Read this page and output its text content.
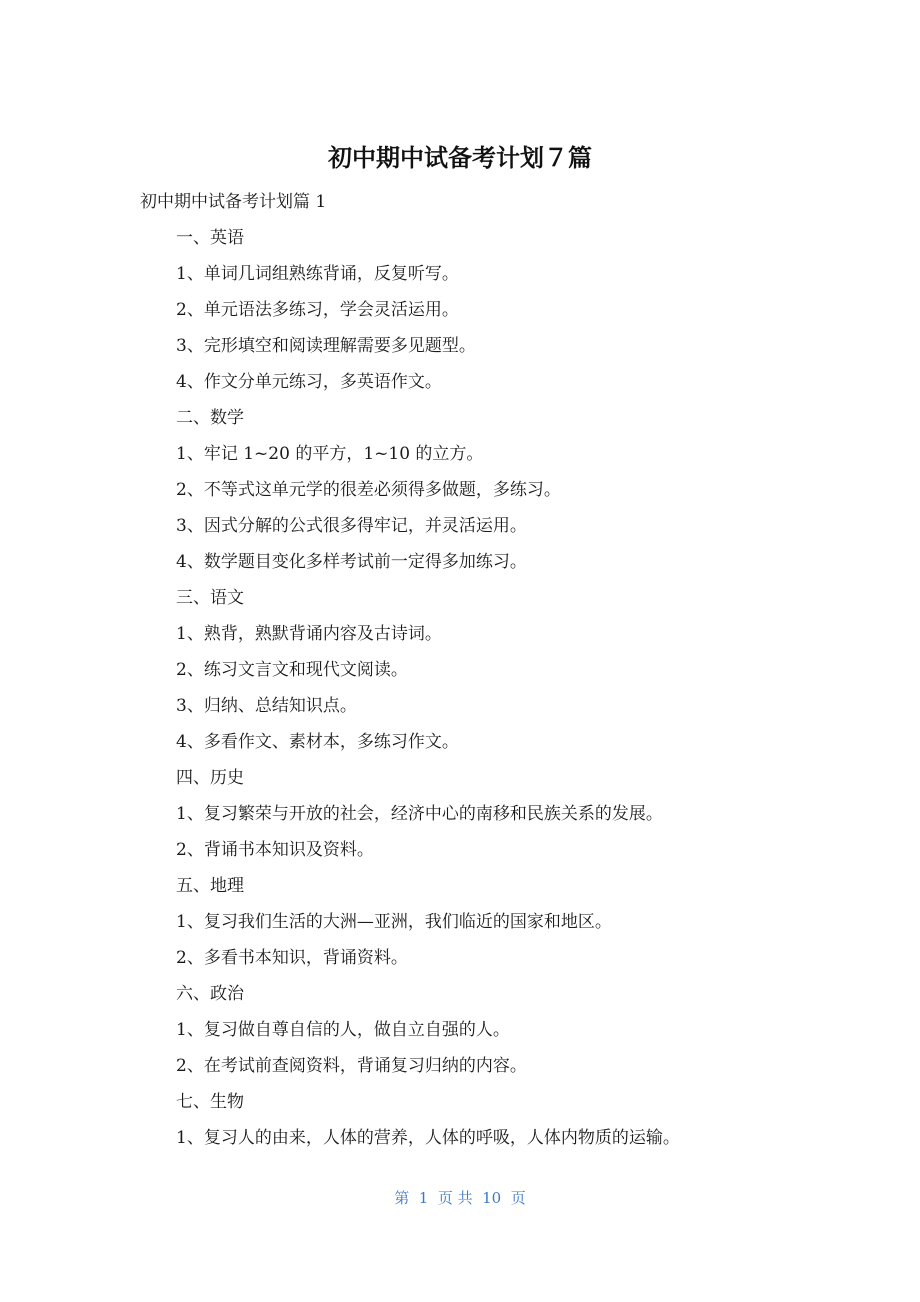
初中期中试备考计划７篇
初中期中试备考计划篇 1
一、英语
1、单词几词组熟练背诵，反复听写。
2、单元语法多练习，学会灵活运用。
3、完形填空和阅读理解需要多见题型。
4、作文分单元练习，多英语作文。
二、数学
1、牢记 1~20 的平方，1~10 的立方。
2、不等式这单元学的很差必须得多做题，多练习。
3、因式分解的公式很多得牢记，并灵活运用。
4、数学题目变化多样考试前一定得多加练习。
三、语文
1、熟背，熟默背诵内容及古诗词。
2、练习文言文和现代文阅读。
3、归纳、总结知识点。
4、多看作文、素材本，多练习作文。
四、历史
1、复习繁荣与开放的社会，经济中心的南移和民族关系的发展。
2、背诵书本知识及资料。
五、地理
1、复习我们生活的大洲—亚洲，我们临近的国家和地区。
2、多看书本知识，背诵资料。
六、政治
1、复习做自尊自信的人，做自立自强的人。
2、在考试前查阅资料，背诵复习归纳的内容。
七、生物
1、复习人的由来，人体的营养，人体的呼吸，人体内物质的运输。
第  1  页 共  10  页
